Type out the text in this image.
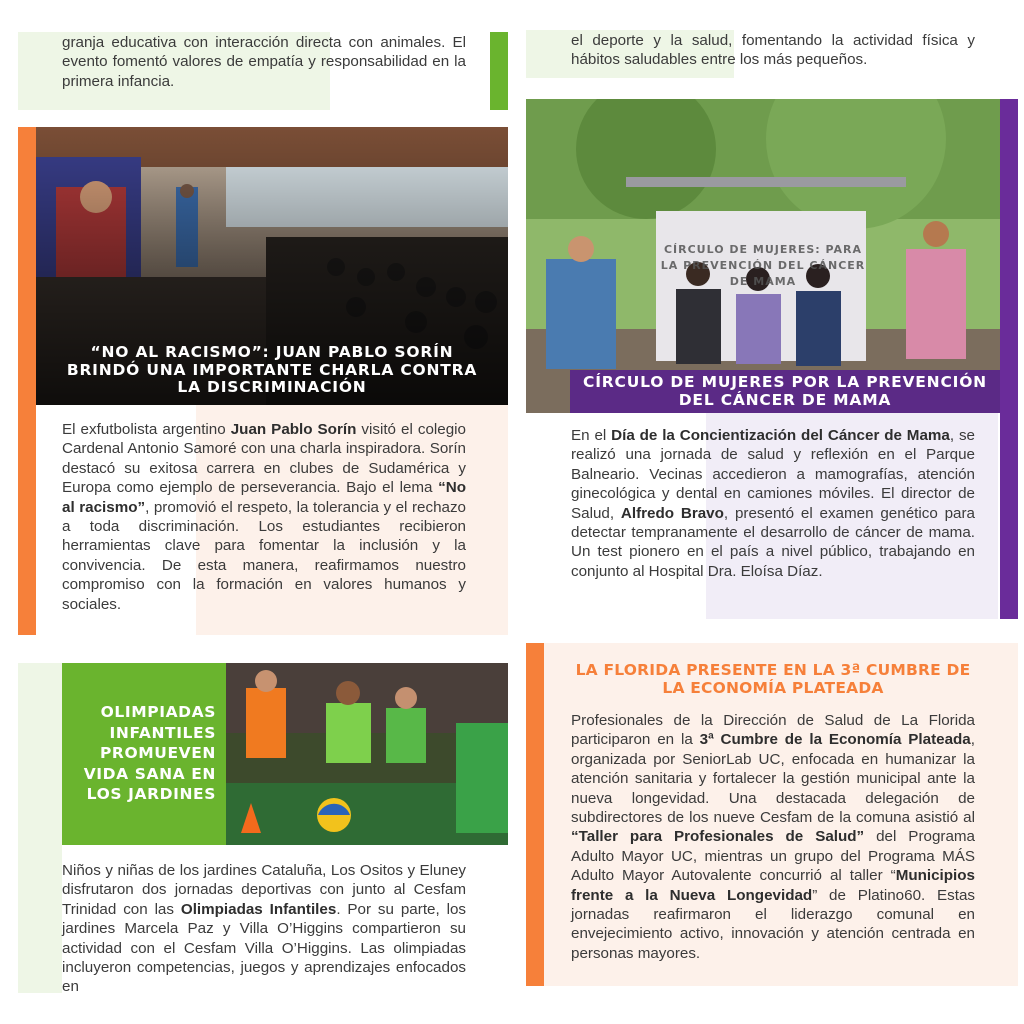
granja educativa con interacción directa con animales. El evento fomentó valores de empatía y responsabilidad en la primera infancia.
el deporte y la salud, fomentando la actividad física y hábitos saludables entre los más pequeños.
“NO AL RACISMO”: JUAN PABLO SORÍN BRINDÓ UNA IMPORTANTE CHARLA CONTRA LA DISCRIMINACIÓN
El exfutbolista argentino Juan Pablo Sorín visitó el colegio Cardenal Antonio Samoré con una charla inspiradora. Sorín destacó su exitosa carrera en clubes de Sudamérica y Europa como ejemplo de perseverancia. Bajo el lema “No al racismo”, promovió el respeto, la tolerancia y el rechazo a toda discriminación. Los estudiantes recibieron herramientas clave para fomentar la inclusión y la convivencia. De esta manera, reafirmamos nuestro compromiso con la formación en valores humanos y sociales.
CÍRCULO DE MUJERES: PARA LA PREVENCIÓN DEL CÁNCER DE MAMA
CÍRCULO DE MUJERES POR LA PREVENCIÓN DEL CÁNCER DE MAMA
En el Día de la Concientización del Cáncer de Mama, se realizó una jornada de salud y reflexión en el Parque Balneario. Vecinas accedieron a mamografías, atención ginecológica y dental en camiones móviles. El director de Salud, Alfredo Bravo, presentó el examen genético para detectar tempranamente el desarrollo de cáncer de mama. Un test pionero en el país a nivel público, trabajando en conjunto al Hospital Dra. Eloísa Díaz.
OLIMPIADAS INFANTILES PROMUEVEN VIDA SANA EN LOS JARDINES
Niños y niñas de los jardines Cataluña, Los Ositos y Eluney disfrutaron dos jornadas deportivas con junto al Cesfam Trinidad con las Olimpiadas Infantiles. Por su parte, los jardines Marcela Paz y Villa O’Higgins compartieron su actividad con el Cesfam Villa O’Higgins. Las olimpiadas incluyeron competencias, juegos y aprendizajes enfocados en
LA FLORIDA PRESENTE EN LA 3ª CUMBRE DE LA ECONOMÍA PLATEADA
Profesionales de la Dirección de Salud de La Florida participaron en la 3ª Cumbre de la Economía Plateada, organizada por SeniorLab UC, enfocada en humanizar la atención sanitaria y fortalecer la gestión municipal ante la nueva longevidad. Una destacada delegación de subdirectores de los nueve Cesfam de la comuna asistió al “Taller para Profesionales de Salud” del Programa Adulto Mayor UC, mientras un grupo del Programa MÁS Adulto Mayor Autovalente concurrió al taller “Municipios frente a la Nueva Longevidad” de Platino60. Estas jornadas reafirmaron el liderazgo comunal en envejecimiento activo, innovación y atención centrada en personas mayores.
